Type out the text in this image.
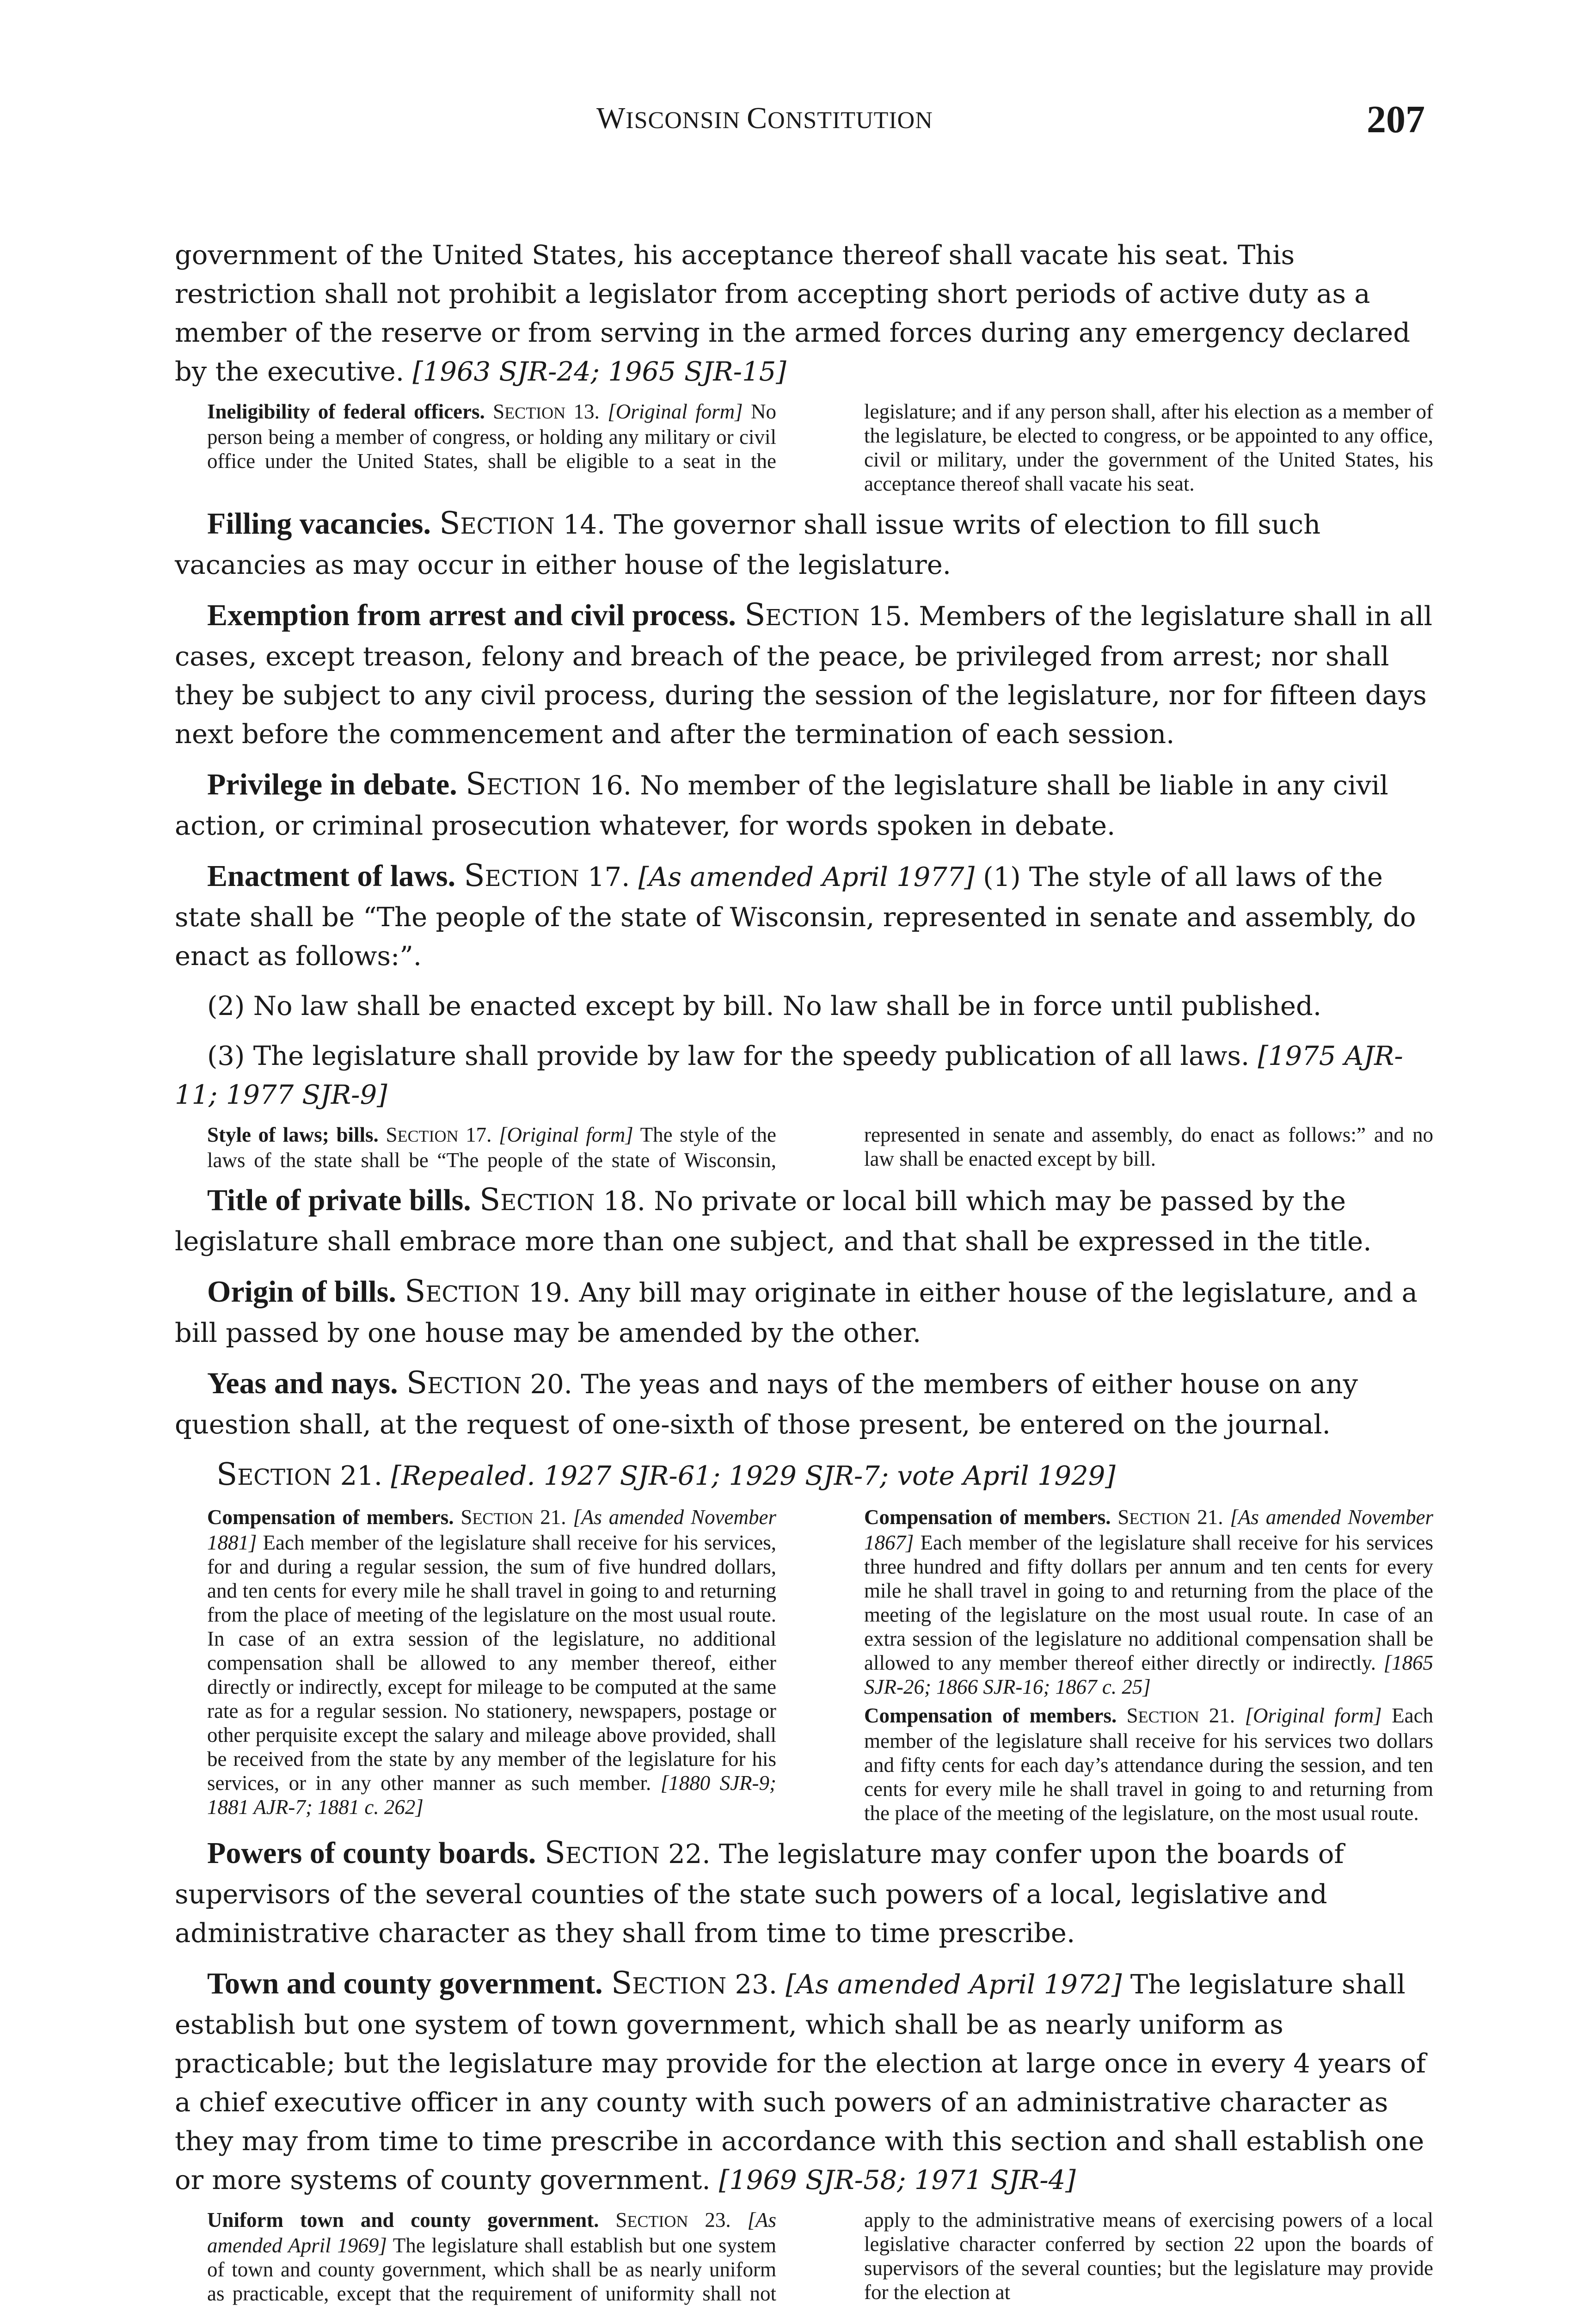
WISCONSIN CONSTITUTION	207

government of the United States, his acceptance thereof shall vacate his seat. This restriction shall not prohibit a legislator from accepting short periods of active duty as a member of the reserve or from serving in the armed forces during any emergency declared by the executive. [1963 SJR-24; 1965 SJR-15]

Ineligibility of federal officers. SECTION 13. [Original form] No person being a member of congress, or holding any military or civil office under the United States, shall be eligible to a seat in the legislature; and if any person shall, after his election as a member of the legislature, be elected to congress, or be appointed to any office, civil or military, under the government of the United States, his acceptance thereof shall vacate his seat.

Filling vacancies. SECTION 14. The governor shall issue writs of election to fill such vacancies as may occur in either house of the legislature.

Exemption from arrest and civil process. SECTION 15. Members of the legislature shall in all cases, except treason, felony and breach of the peace, be privileged from arrest; nor shall they be subject to any civil process, during the session of the legislature, nor for fifteen days next before the commencement and after the termination of each session.

Privilege in debate. SECTION 16. No member of the legislature shall be liable in any civil action, or criminal prosecution whatever, for words spoken in debate.

Enactment of laws. SECTION 17. [As amended April 1977] (1) The style of all laws of the state shall be “The people of the state of Wisconsin, represented in senate and assembly, do enact as follows:”.

(2) No law shall be enacted except by bill. No law shall be in force until published.

(3) The legislature shall provide by law for the speedy publication of all laws. [1975 AJR-11; 1977 SJR-9]

Style of laws; bills. SECTION 17. [Original form] The style of the laws of the state shall be “The people of the state of Wisconsin, represented in senate and assembly, do enact as follows:” and no law shall be enacted except by bill.

Title of private bills. SECTION 18. No private or local bill which may be passed by the legislature shall embrace more than one subject, and that shall be expressed in the title.

Origin of bills. SECTION 19. Any bill may originate in either house of the legislature, and a bill passed by one house may be amended by the other.

Yeas and nays. SECTION 20. The yeas and nays of the members of either house on any question shall, at the request of one-sixth of those present, be entered on the journal.

SECTION 21. [Repealed. 1927 SJR-61; 1929 SJR-7; vote April 1929]

Compensation of members. SECTION 21. [As amended November 1881] Each member of the legislature shall receive for his services, for and during a regular session, the sum of five hundred dollars, and ten cents for every mile he shall travel in going to and returning from the place of meeting of the legislature on the most usual route. In case of an extra session of the legislature, no additional compensation shall be allowed to any member thereof, either directly or indirectly, except for mileage to be computed at the same rate as for a regular session. No stationery, newspapers, postage or other perquisite except the salary and mileage above provided, shall be received from the state by any member of the legislature for his services, or in any other manner as such member. [1880 SJR-9; 1881 AJR-7; 1881 c. 262]

Compensation of members. SECTION 21. [As amended November 1867] Each member of the legislature shall receive for his services three hundred and fifty dollars per annum and ten cents for every mile he shall travel in going to and returning from the place of the meeting of the legislature on the most usual route. In case of an extra session of the legislature no additional compensation shall be allowed to any member thereof either directly or indirectly. [1865 SJR-26; 1866 SJR-16; 1867 c. 25]

Compensation of members. SECTION 21. [Original form] Each member of the legislature shall receive for his services two dollars and fifty cents for each day’s attendance during the session, and ten cents for every mile he shall travel in going to and returning from the place of the meeting of the legislature, on the most usual route.

Powers of county boards. SECTION 22. The legislature may confer upon the boards of supervisors of the several counties of the state such powers of a local, legislative and administrative character as they shall from time to time prescribe.

Town and county government. SECTION 23. [As amended April 1972] The legislature shall establish but one system of town government, which shall be as nearly uniform as practicable; but the legislature may provide for the election at large once in every 4 years of a chief executive officer in any county with such powers of an administrative character as they may from time to time prescribe in accordance with this section and shall establish one or more systems of county government. [1969 SJR-58; 1971 SJR-4]

Uniform town and county government. SECTION 23. [As amended April 1969] The legislature shall establish but one system of town and county government, which shall be as nearly uniform as practicable, except that the requirement of uniformity shall not apply to the administrative means of exercising powers of a local legislative character conferred by section 22 upon the boards of supervisors of the several counties; but the legislature may provide for the election at
